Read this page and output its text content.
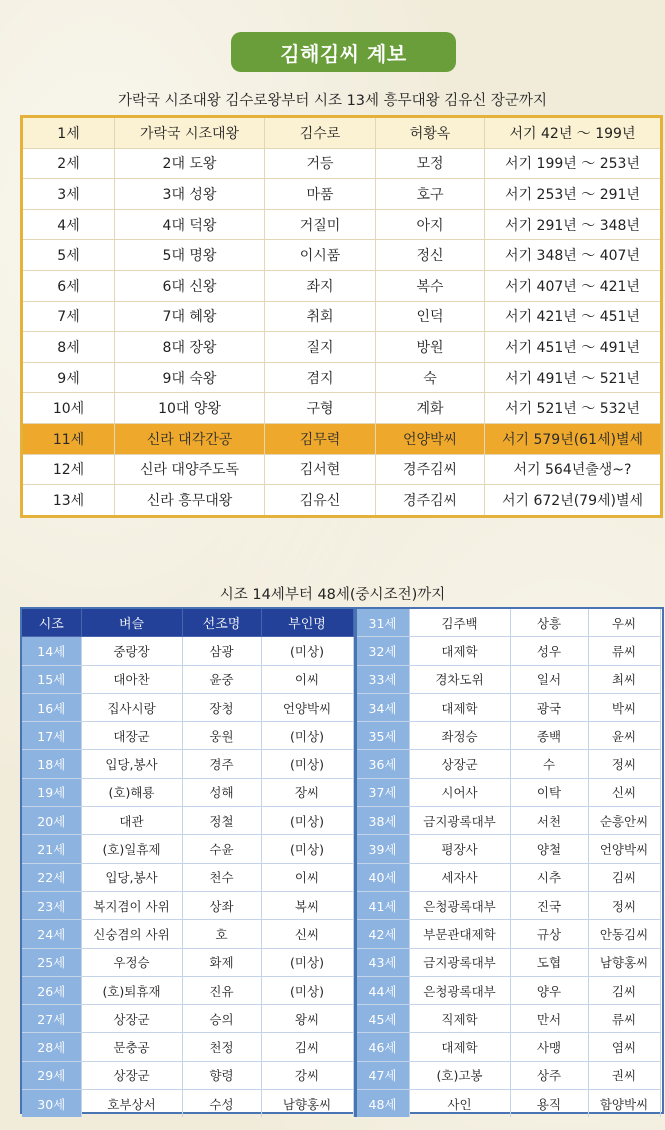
김해김씨 계보
가락국 시조대왕 김수로왕부터 시조 13세 흥무대왕 김유신 장군까지
1세	가락국 시조대왕	김수로	허황옥	서기 42년 ～ 199년
2세	2대 도왕	거등	모정	서기 199년 ～ 253년
3세	3대 성왕	마품	호구	서기 253년 ～ 291년
4세	4대 덕왕	거질미	아지	서기 291년 ～ 348년
5세	5대 명왕	이시품	정신	서기 348년 ～ 407년
6세	6대 신왕	좌지	복수	서기 407년 ～ 421년
7세	7대 혜왕	취회	인덕	서기 421년 ～ 451년
8세	8대 장왕	질지	방원	서기 451년 ～ 491년
9세	9대 숙왕	겸지	숙	서기 491년 ～ 521년
10세	10대 양왕	구형	계화	서기 521년 ～ 532년
11세	신라 대각간공	김무력	언양박씨	서기 579년(61세)별세
12세	신라 대양주도독	김서현	경주김씨	서기 564년출생~?
13세	신라 흥무대왕	김유신	경주김씨	서기 672년(79세)별세
시조 14세부터 48세(중시조전)까지
시조	벼슬	선조명	부인명
14세	중랑장	삼광	(미상)
15세	대아찬	윤중	이씨
16세	집사시랑	장청	언양박씨
17세	대장군	웅원	(미상)
18세	입당,봉사	경주	(미상)
19세	(호)해룡	성해	장씨
20세	대관	정철	(미상)
21세	(호)일휴제	수윤	(미상)
22세	입당,봉사	천수	이씨
23세	복지겸이 사위	상좌	복씨
24세	신숭겸의 사위	호	신씨
25세	우정승	화제	(미상)
26세	(호)퇴휴재	진유	(미상)
27세	상장군	승의	왕씨
28세	문충공	천정	김씨
29세	상장군	향령	강씨
30세	호부상서	수성	남향홍씨
31세	김주백	상흥	우씨
32세	대제학	성우	류씨
33세	경차도위	일서	최씨
34세	대제학	광국	박씨
35세	좌정승	종백	윤씨
36세	상장군	수	정씨
37세	시어사	이탁	신씨
38세	금지광록대부	서천	순흥안씨
39세	평장사	양철	언양박씨
40세	세자사	시추	김씨
41세	은청광록대부	진국	정씨
42세	부문관대제학	규상	안동김씨
43세	금지광록대부	도협	남향홍씨
44세	은청광록대부	양우	김씨
45세	직제학	만서	류씨
46세	대제학	사맹	염씨
47세	(호)고봉	상주	권씨
48세	사인	용직	함양박씨
